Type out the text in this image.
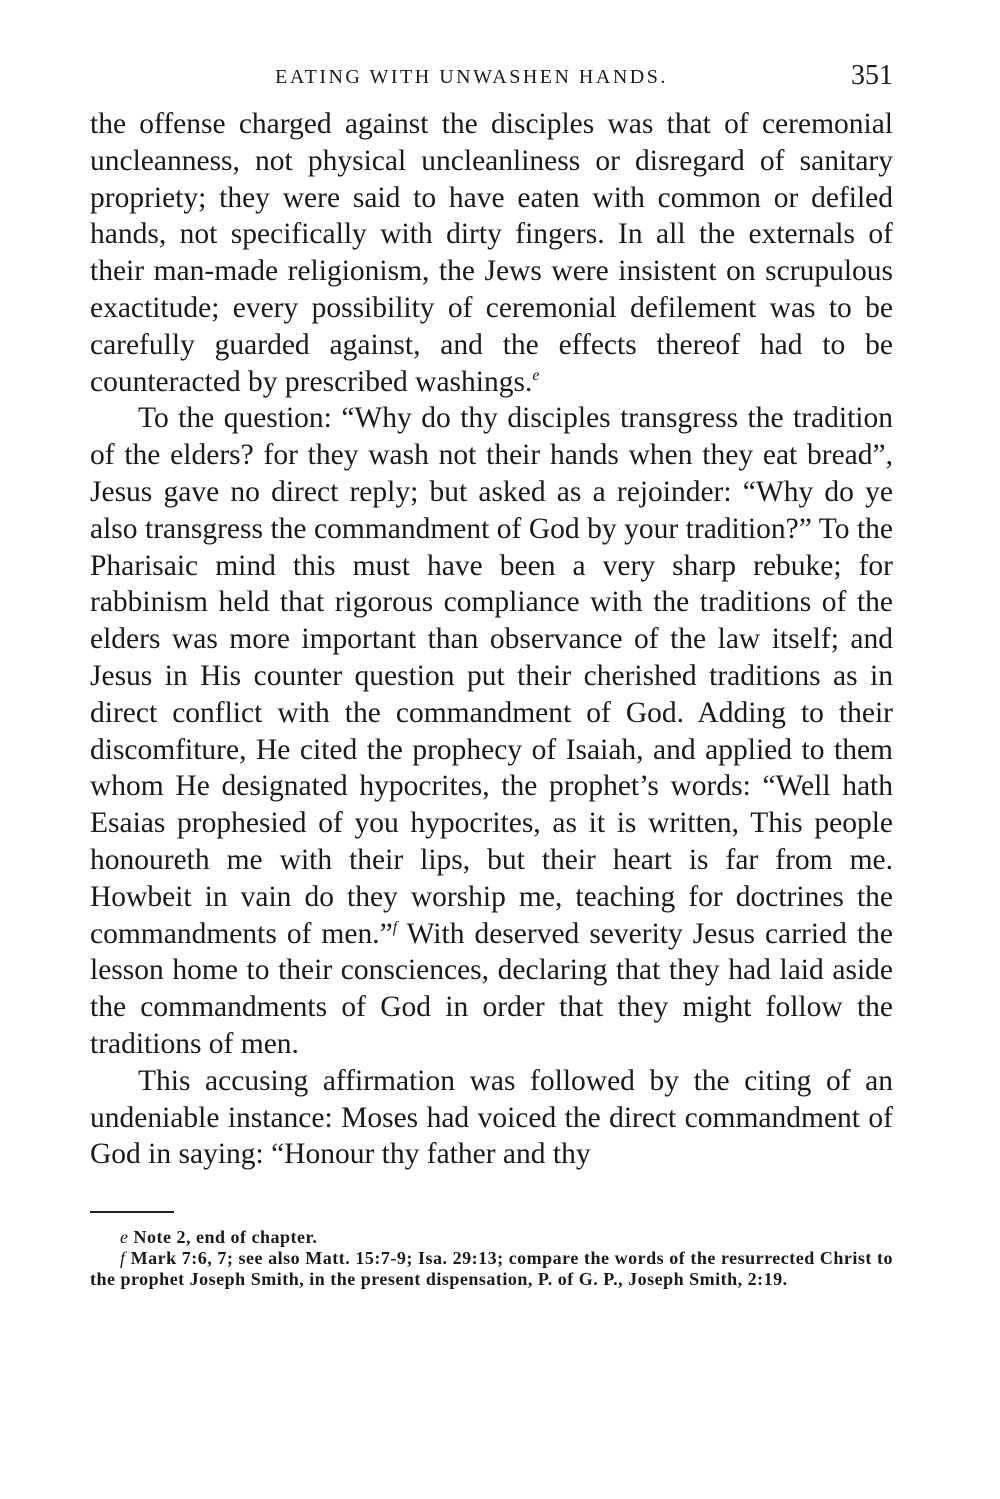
EATING WITH UNWASHEN HANDS.	351

the offense charged against the disciples was that of ceremonial uncleanness, not physical uncleanliness or disregard of sanitary propriety; they were said to have eaten with common or defiled hands, not specifically with dirty fingers. In all the externals of their man-made religionism, the Jews were insistent on scrupulous exactitude; every possibility of ceremonial defilement was to be carefully guarded against, and the effects thereof had to be counteracted by prescribed washings.$^e$

To the question: “Why do thy disciples transgress the tradition of the elders? for they wash not their hands when they eat bread”, Jesus gave no direct reply; but asked as a rejoinder: “Why do ye also transgress the commandment of God by your tradition?” To the Pharisaic mind this must have been a very sharp rebuke; for rabbinism held that rigorous compliance with the traditions of the elders was more important than observance of the law itself; and Jesus in His counter question put their cherished traditions as in direct conflict with the commandment of God. Adding to their discomfiture, He cited the prophecy of Isaiah, and applied to them whom He designated hypocrites, the prophet’s words: “Well hath Esaias prophesied of you hypocrites, as it is written, This people honoureth me with their lips, but their heart is far from me. Howbeit in vain do they worship me, teaching for doctrines the commandments of men.”$^f$ With deserved severity Jesus carried the lesson home to their consciences, declaring that they had laid aside the commandments of God in order that they might follow the traditions of men.

This accusing affirmation was followed by the citing of an undeniable instance: Moses had voiced the direct commandment of God in saying: “Honour thy father and thy

e Note 2, end of chapter.

f Mark 7:6, 7; see also Matt. 15:7-9; Isa. 29:13; compare the words of the resurrected Christ to the prophet Joseph Smith, in the present dispensation, P. of G. P., Joseph Smith, 2:19.
